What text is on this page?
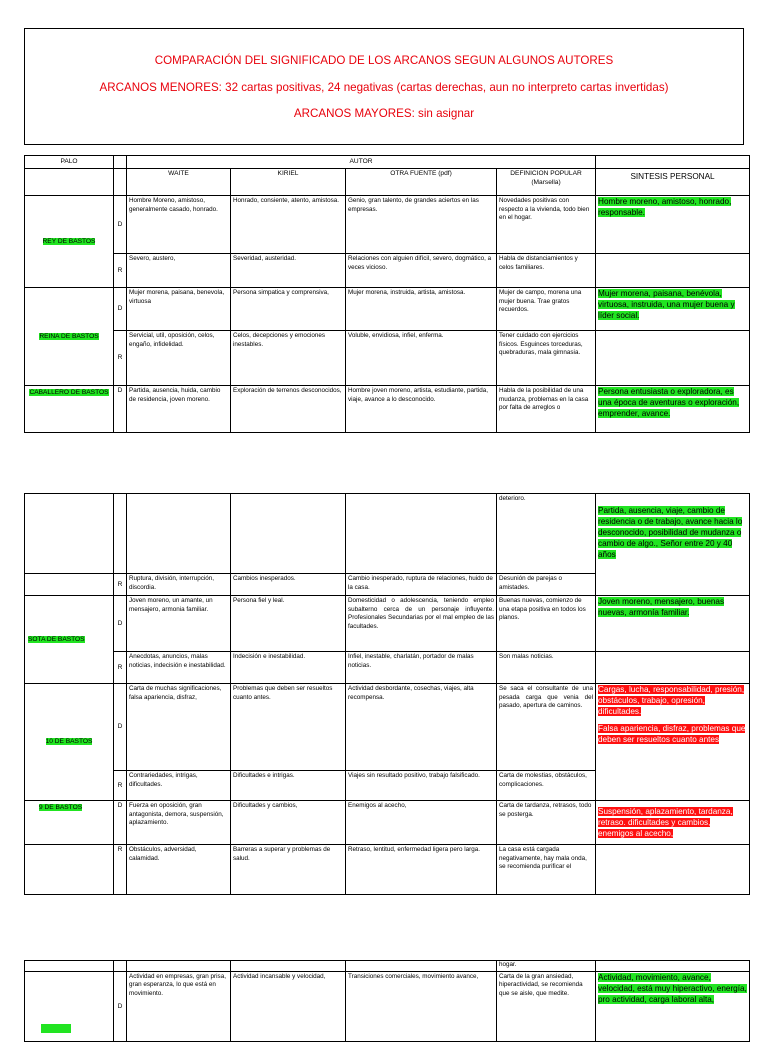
COMPARACIÓN DEL SIGNIFICADO DE LOS ARCANOS SEGUN ALGUNOS AUTORES
ARCANOS MENORES: 32 cartas positivas, 24 negativas (cartas derechas, aun no interpreto cartas invertidas)
ARCANOS MAYORES: sin asignar
PALO		AUTOR				
		WAITE	KIRIEL	OTRA FUENTE (pdf)	DEFINICION POPULAR (Marsella)	SINTESIS PERSONAL
REY DE BASTOS	D	Hombre Moreno, amistoso, generalmente casado, honrado.	Honrado, consiente, atento, amistosa.	Genio, gran talento, de grandes aciertos en las empresas.	Novedades positivas con respecto a la vivienda, todo bien en el hogar.	Hombre moreno, amistoso, honrado, responsable.
	R	Severo, austero,	Severidad, austeridad.	Relaciones con alguien difícil, severo, dogmático, a veces vicioso.	Habla de distanciamientos y celos familiares.	
REINA DE BASTOS	D	Mujer morena, paisana, benevola, virtuosa	Persona simpatica y comprensiva,	Mujer morena, instruida, artista, amistosa.	Mujer de campo, morena una mujer buena. Trae gratos recuerdos.	Mujer morena, paisana, benévola, virtuosa, instruida, una mujer buena y líder social.
	R	Servicial, util, oposición, celos, engaño, infidelidad.	Celos, decepciones y emociones inestables.	Voluble, envidiosa, infiel, enferma.	Tener cuidado con ejercicios físicos. Esguinces torceduras, quebraduras, mala gimnasia.	
CABALLERO DE BASTOS	D	Partida, ausencia, huida, cambio de residencia, joven moreno.	Exploración de terrenos desconocidos,	Hombre joven moreno, artista, estudiante, partida, viaje, avance a lo desconocido.	Habla de la posibilidad de una mudanza, problemas en la casa por falta de arreglos o	Persona entusiasta o exploradora, es una época de aventuras o exploración, emprender, avance.
					deterioro.	Partida, ausencia, viaje, cambio de residencia o de trabajo, avance hacia lo desconocido, posibilidad de mudanza o cambio de algo., Señor entre 20 y 40 años
	R	Ruptura, división, interrupción, discordia.	Cambios inesperados.	Cambio inesperado, ruptura de relaciones, huido de la casa.	Desunión de parejas o amistades.	
SOTA DE BASTOS	D	Joven moreno, un amante, un mensajero, armonia familiar.	Persona fiel y leal.	Domesticidad o adolescencia, teniendo empleo subalterno cerca de un personaje influyente. Profesionales Secundarias por el mal empleo de las facultades.	Buenas nuevas, comienzo de una etapa positiva en todos los planos.	Joven moreno, mensajero, buenas nuevas, armonía familiar.
	R	Anecdotas, anuncios, malas noticias, indecisión e inestabilidad.	Indecisión e inestabilidad.	Infiel, inestable, charlatán, portador de malas noticias.	Son malas noticias.	
10 DE BASTOS	D	Carta de muchas significaciones, falsa apariencia, disfraz,	Problemas que deben ser resueltos cuanto antes.	Actividad desbordante, cosechas, viajes, alta recompensa.	Se saca el consultante de una pesada carga que venia del pasado, apertura de caminos.	Cargas, lucha, responsabilidad, presión, obstáculos, trabajo, opresión, dificultades.
Falsa apariencia, disfraz, problemas que deben ser resueltos cuanto antes
	R	Contrariedades, intrigas, dificultades.	Dificultades e intrigas.	Viajes sin resultado positivo, trabajo falsificado.	Carta de molestias, obstáculos, complicaciones.	
9 DE BASTOS	D	Fuerza en oposición, gran antagonista, demora, suspensión, aplazamiento.	Dificultades y cambios,	Enemigos al acecho,	Carta de tardanza, retrasos, todo se postergа.	Suspensión, aplazamiento, tardanza, retraso. dificultades y cambios, enemigos al acecho,
	R	Obstáculos, adversidad, calamidad.	Barreras a superar y problemas de salud.	Retraso, lentitud, enfermedad ligera pero larga.	La casa está cargada negativamente, hay mala onda, se recomienda purificar el	
					hogar.	

	D	Actividad en empresas, gran prisa, gran esperanza, lo que está en movimiento.	Actividad incansable y velocidad,	Transiciones comerciales, movimiento avance,	Carta de la gran ansiedad, hiperactividad, se recomienda que se aisle, que medite.	Actividad, movimiento, avance, velocidad, está muy hiperactivo, energía, pro actividad, carga laboral alta,
